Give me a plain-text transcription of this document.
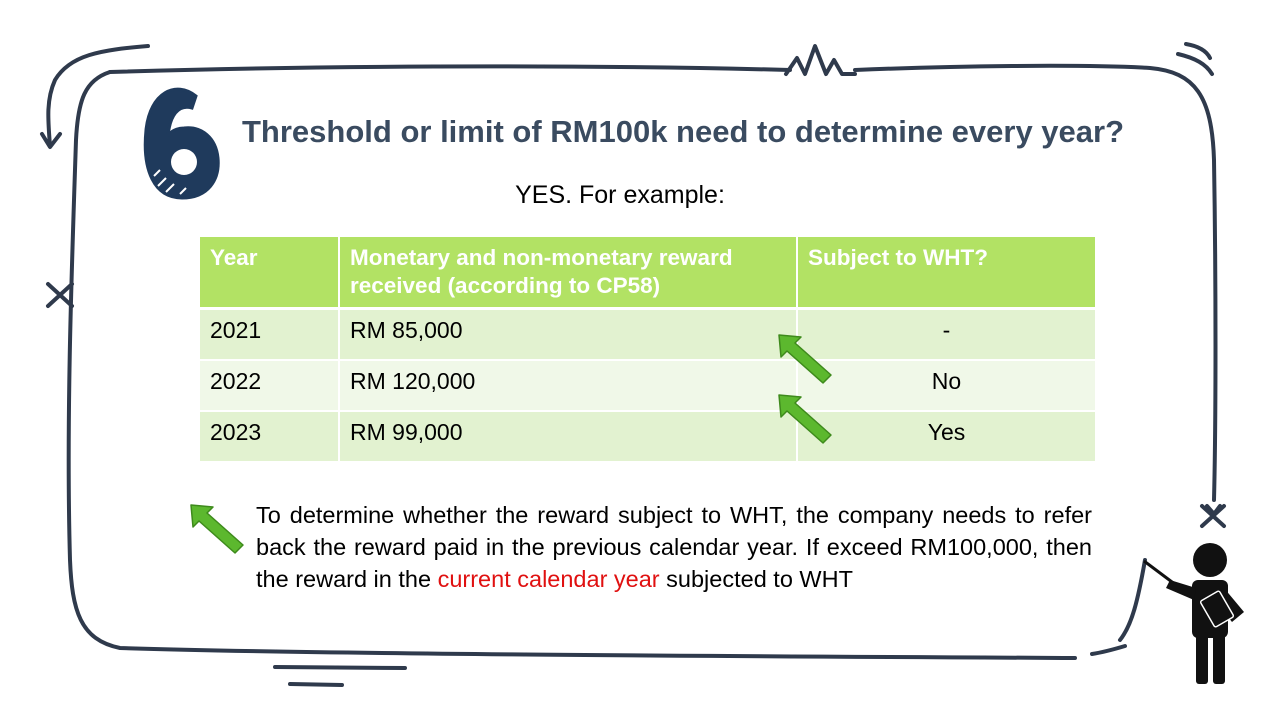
Threshold or limit of RM100k need to determine every year?
YES. For example:
Year	Monetary and non-monetary reward received (according to CP58)	Subject to WHT?
2021	RM 85,000	-
2022	RM 120,000	No
2023	RM 99,000	Yes
To determine whether the reward subject to WHT, the company needs to refer back the reward paid in the previous calendar year. If exceed RM100,000, then the reward in the current calendar year subjected to WHT
